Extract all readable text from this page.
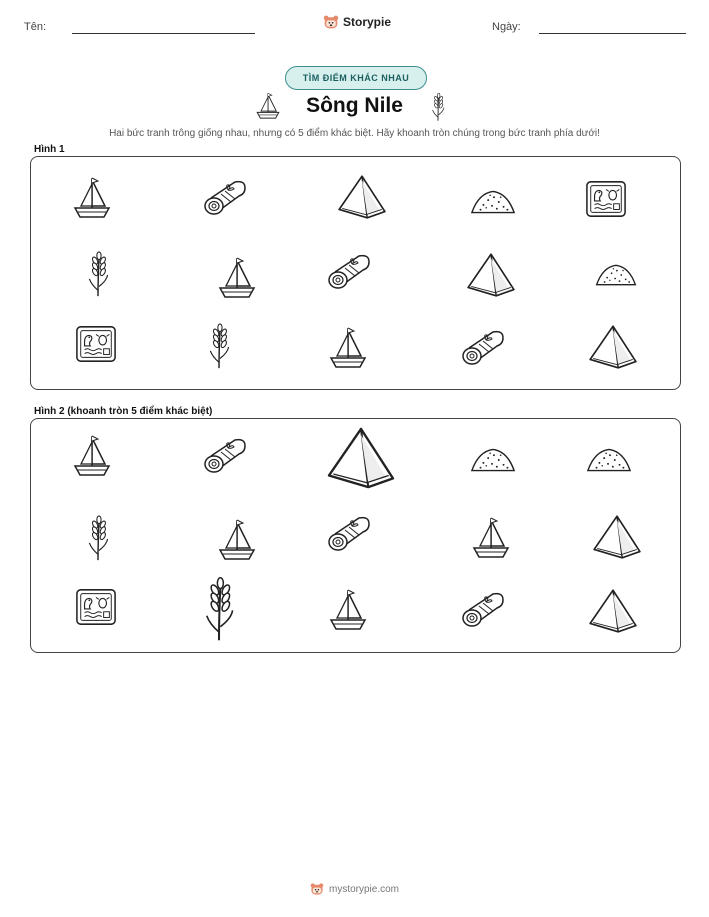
Tên:	Storypie	Ngày:
TÌM ĐIỂM KHÁC NHAU
Sông Nile
Hai bức tranh trông giống nhau, nhưng có 5 điểm khác biệt. Hãy khoanh tròn chúng trong bức tranh phía dưới!
Hình 1
Hình 2 (khoanh tròn 5 điểm khác biệt)
mystorypie.com
